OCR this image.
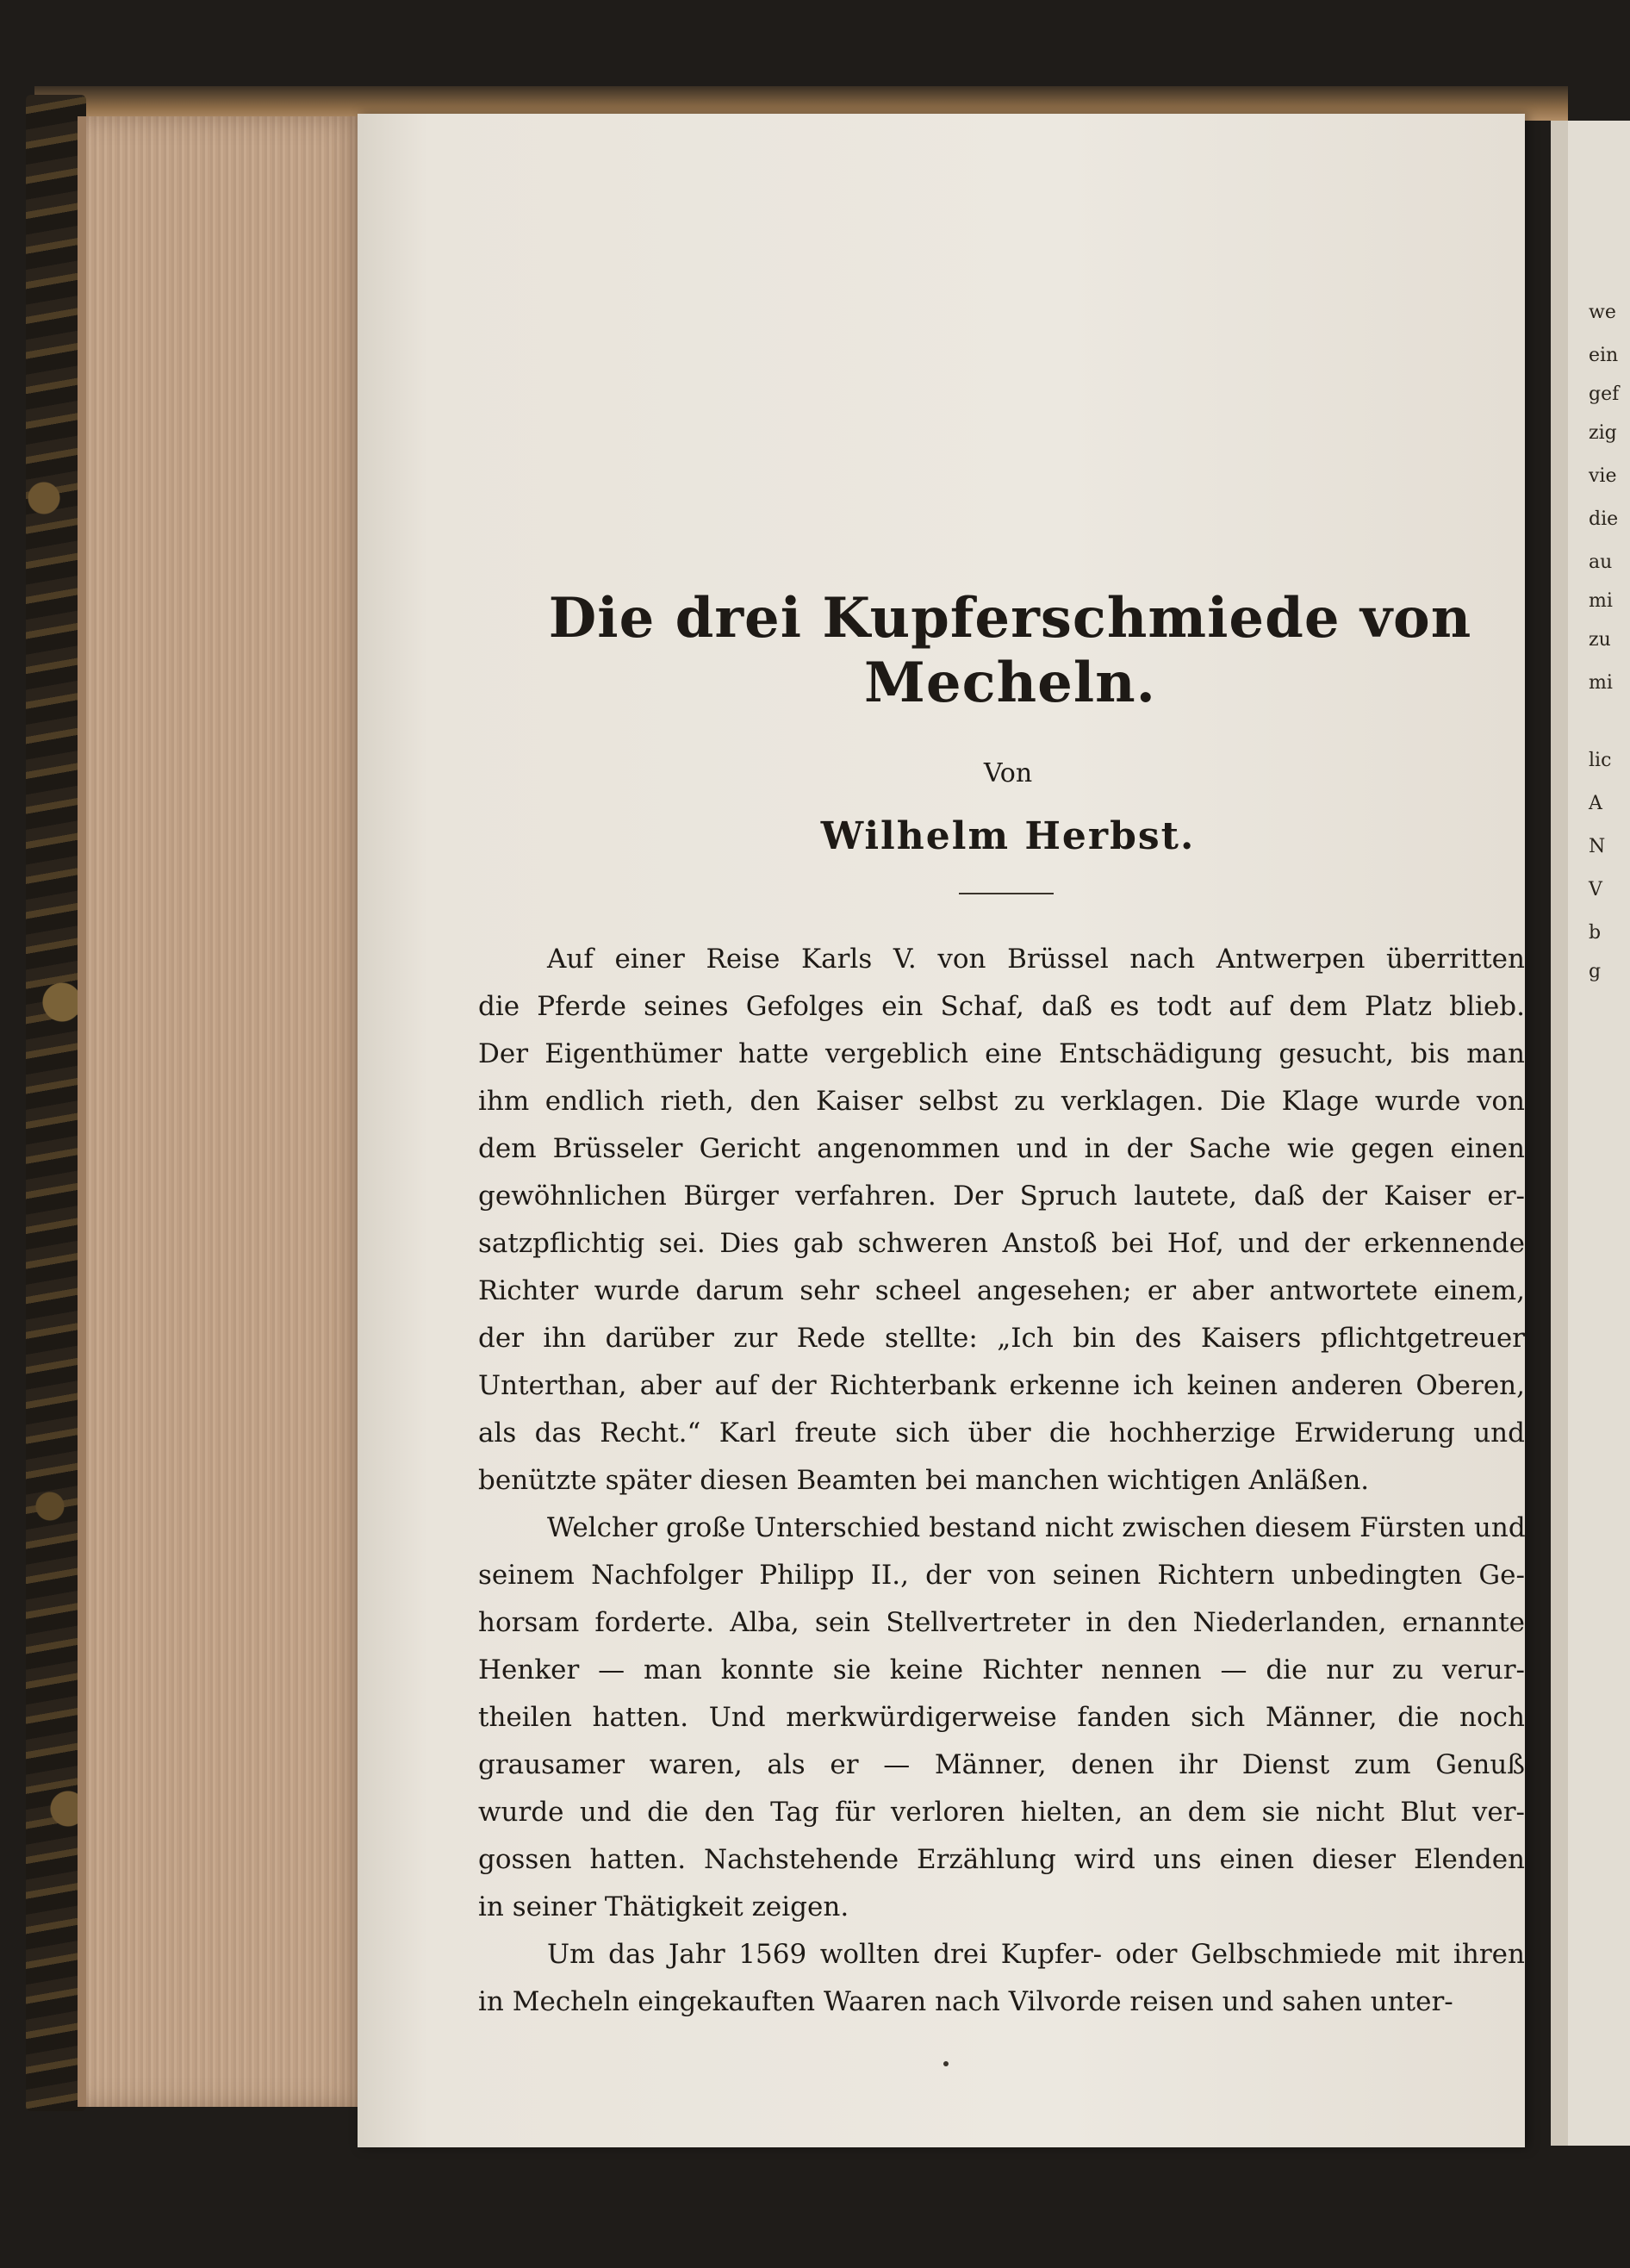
we
ein
gef
zig
vie
die
au
mi
zu
mi
lic
A
N
V
b
g
Die drei Kupferschmiede von Mecheln.
Von
Wilhelm Herbst.
Auf einer Reise Karls V. von Brüssel nach Antwerpen überritten
die Pferde seines Gefolges ein Schaf, daß es todt auf dem Platz blieb.
Der Eigenthümer hatte vergeblich eine Entschädigung gesucht, bis man
ihm endlich rieth, den Kaiser selbst zu verklagen. Die Klage wurde von
dem Brüsseler Gericht angenommen und in der Sache wie gegen einen
gewöhnlichen Bürger verfahren. Der Spruch lautete, daß der Kaiser er-
satzpflichtig sei. Dies gab schweren Anstoß bei Hof, und der erkennende
Richter wurde darum sehr scheel angesehen; er aber antwortete einem,
der ihn darüber zur Rede stellte: „Ich bin des Kaisers pflichtgetreuer
Unterthan, aber auf der Richterbank erkenne ich keinen anderen Oberen,
als das Recht.“ Karl freute sich über die hochherzige Erwiderung und
benützte später diesen Beamten bei manchen wichtigen Anläßen.
Welcher große Unterschied bestand nicht zwischen diesem Fürsten und
seinem Nachfolger Philipp II., der von seinen Richtern unbedingten Ge-
horsam forderte. Alba, sein Stellvertreter in den Niederlanden, ernannte
Henker — man konnte sie keine Richter nennen — die nur zu verur-
theilen hatten. Und merkwürdigerweise fanden sich Männer, die noch
grausamer waren, als er — Männer, denen ihr Dienst zum Genuß
wurde und die den Tag für verloren hielten, an dem sie nicht Blut ver-
gossen hatten. Nachstehende Erzählung wird uns einen dieser Elenden
in seiner Thätigkeit zeigen.
Um das Jahr 1569 wollten drei Kupfer- oder Gelbschmiede mit ihren
in Mecheln eingekauften Waaren nach Vilvorde reisen und sahen unter-
